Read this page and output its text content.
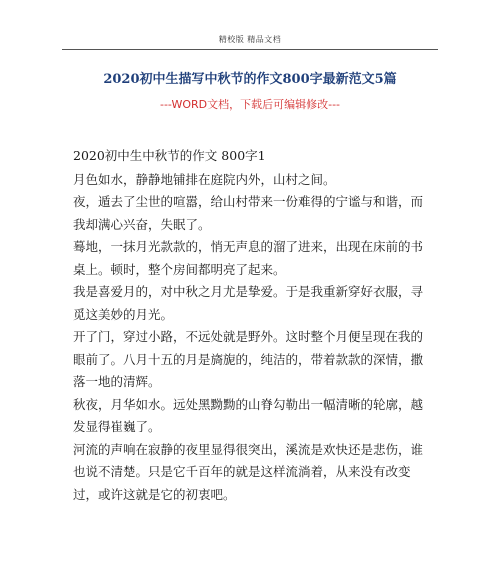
精校版 精品文档
2020初中生描写中秋节的作文800字最新范文5篇
---WORD文档，下载后可编辑修改---

2020初中生中秋节的作文 800字1

月色如水，静静地铺排在庭院内外，山村之间。

夜，遁去了尘世的喧嚣，给山村带来一份难得的宁谧与和谐，而我却满心兴奋，失眠了。

蓦地，一抹月光款款的，悄无声息的溜了进来，出现在床前的书桌上。顿时，整个房间都明亮了起来。

我是喜爱月的，对中秋之月尤是挚爱。于是我重新穿好衣服，寻觅这美妙的月光。

开了门，穿过小路，不远处就是野外。这时整个月便呈现在我的眼前了。八月十五的月是旖旎的，纯洁的，带着款款的深情，撒落一地的清辉。

秋夜，月华如水。远处黑黝黝的山脊勾勒出一幅清晰的轮廓，越发显得崔巍了。

河流的声响在寂静的夜里显得很突出，溪流是欢快还是悲伤，谁也说不清楚。只是它千百年的就是这样流淌着，从来没有改变过，或许这就是它的初衷吧。
